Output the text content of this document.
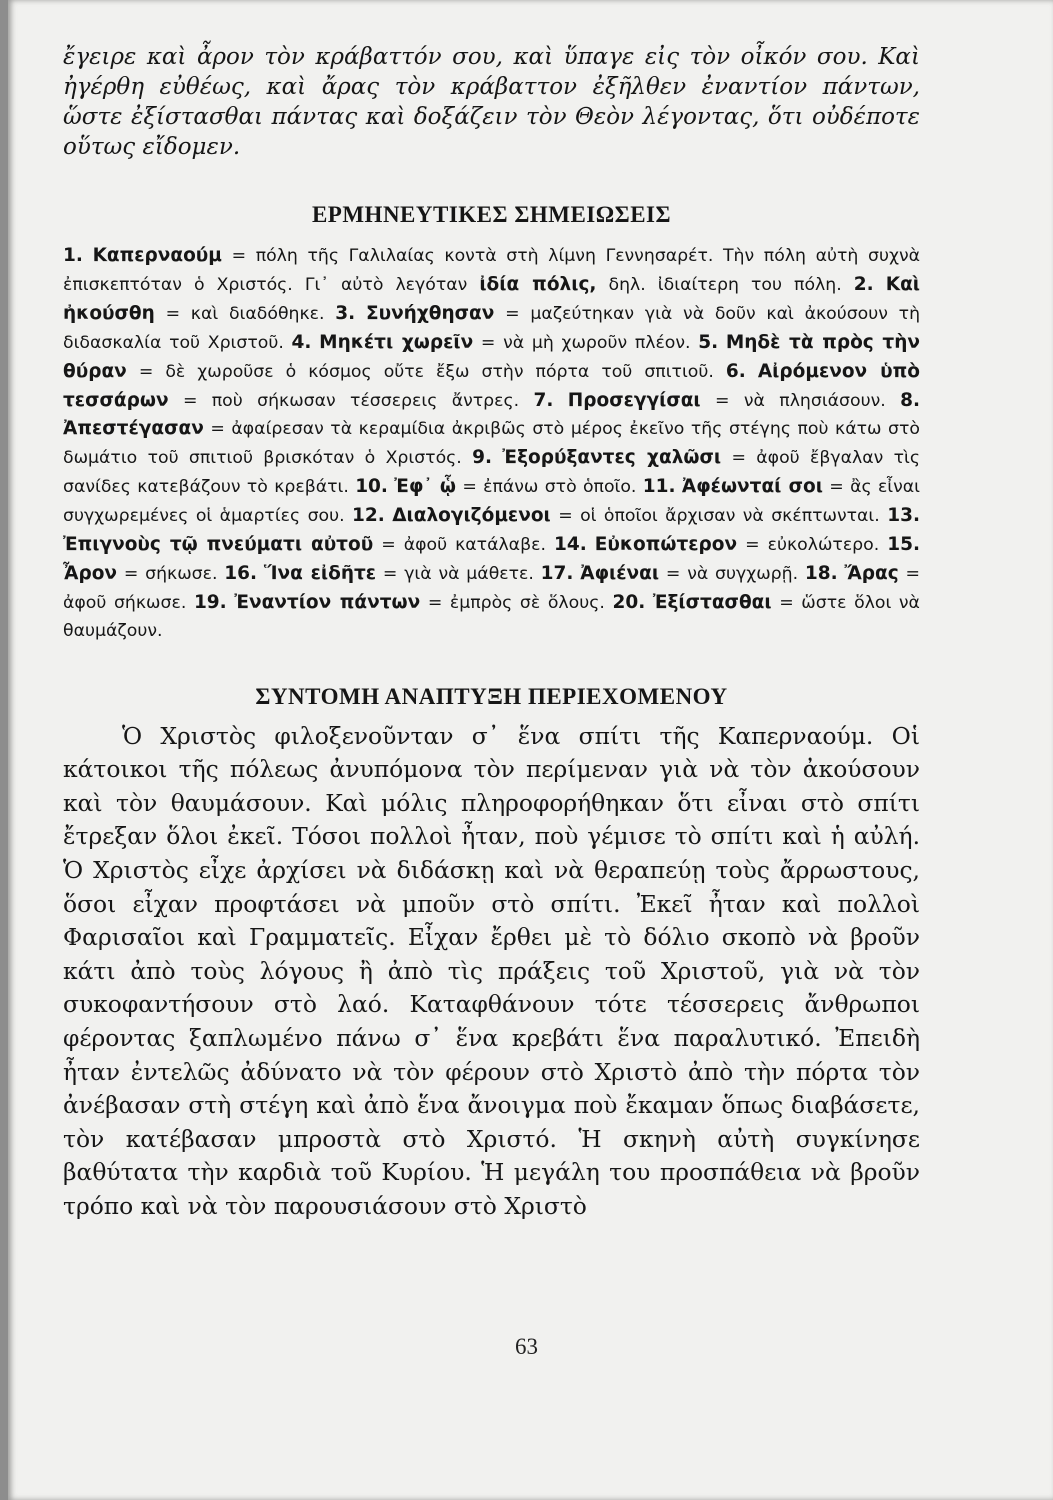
ἔγειρε καὶ ἆρον τὸν κράβαττόν σου, καὶ ὕπαγε εἰς τὸν οἶκόν σου. Καὶ ἠγέρθη εὐθέως, καὶ ἄρας τὸν κράβαττον ἐξῆλθεν ἐναντίον πάντων, ὥστε ἐξίστασθαι πάντας καὶ δοξάζειν τὸν Θεὸν λέγοντας, ὅτι οὐδέποτε οὕτως εἴδομεν.

ΕΡΜΗΝΕΥΤΙΚΕΣ ΣΗΜΕΙΩΣΕΙΣ

1. Καπερναούμ = πόλη τῆς Γαλιλαίας κοντὰ στὴ λίμνη Γεννησαρέτ. Τὴν πόλη αὐτὴ συχνὰ ἐπισκεπτόταν ὁ Χριστός. Γι᾽ αὐτὸ λεγόταν ἰδία πόλις, δηλ. ἰδιαίτερη του πόλη. 2. Καὶ ἠκούσθη = καὶ διαδόθηκε. 3. Συνήχθησαν = μαζεύτηκαν γιὰ νὰ δοῦν καὶ ἀκούσουν τὴ διδασκαλία τοῦ Χριστοῦ. 4. Μηκέτι χωρεῖν = νὰ μὴ χωροῦν πλέον. 5. Μηδὲ τὰ πρὸς τὴν θύραν = δὲ χωροῦσε ὁ κόσμος οὔτε ἔξω στὴν πόρτα τοῦ σπιτιοῦ. 6. Αἰρόμενον ὑπὸ τεσσάρων = ποὺ σήκωσαν τέσσερεις ἄντρες. 7. Προσεγγίσαι = νὰ πλησιάσουν. 8. Ἀπεστέγασαν = ἀφαίρεσαν τὰ κεραμίδια ἀκριβῶς στὸ μέρος ἐκεῖνο τῆς στέγης ποὺ κάτω στὸ δωμάτιο τοῦ σπιτιοῦ βρισκόταν ὁ Χριστός. 9. Ἐξορύξαντες χαλῶσι = ἀφοῦ ἔβγαλαν τὶς σανίδες κατεβάζουν τὸ κρεβάτι. 10. Ἐφ᾽ ᾧ = ἐπάνω στὸ ὁποῖο. 11. Ἀφέωνταί σοι = ἂς εἶναι συγχωρεμένες οἱ ἁμαρτίες σου. 12. Διαλογιζόμενοι = οἱ ὁποῖοι ἄρχισαν νὰ σκέπτωνται. 13. Ἐπιγνοὺς τῷ πνεύματι αὐτοῦ = ἀφοῦ κατάλαβε. 14. Εὐκοπώτερον = εὐκολώτερο. 15. Ἆρον = σήκωσε. 16. Ἵνα εἰδῆτε = γιὰ νὰ μάθετε. 17. Ἀφιέναι = νὰ συγχωρῇ. 18. Ἄρας = ἀφοῦ σήκωσε. 19. Ἐναντίον πάντων = ἐμπρὸς σὲ ὅλους. 20. Ἐξίστασθαι = ὥστε ὅλοι νὰ θαυμάζουν.

ΣΥΝΤΟΜΗ ΑΝΑΠΤΥΞΗ ΠΕΡΙΕΧΟΜΕΝΟΥ

Ὁ Χριστὸς φιλοξενοῦνταν σ᾽ ἕνα σπίτι τῆς Καπερναούμ. Οἱ κάτοικοι τῆς πόλεως ἀνυπόμονα τὸν περίμεναν γιὰ νὰ τὸν ἀκούσουν καὶ τὸν θαυμάσουν. Καὶ μόλις πληροφορήθηκαν ὅτι εἶναι στὸ σπίτι ἔτρεξαν ὅλοι ἐκεῖ. Τόσοι πολλοὶ ἦταν, ποὺ γέμισε τὸ σπίτι καὶ ἡ αὐλή. Ὁ Χριστὸς εἶχε ἀρχίσει νὰ διδάσκῃ καὶ νὰ θεραπεύῃ τοὺς ἄρρωστους, ὅσοι εἶχαν προφτάσει νὰ μποῦν στὸ σπίτι. Ἐκεῖ ἦταν καὶ πολλοὶ Φαρισαῖοι καὶ Γραμματεῖς. Εἶχαν ἔρθει μὲ τὸ δόλιο σκοπὸ νὰ βροῦν κάτι ἀπὸ τοὺς λόγους ἢ ἀπὸ τὶς πράξεις τοῦ Χριστοῦ, γιὰ νὰ τὸν συκοφαντήσουν στὸ λαό. Καταφθάνουν τότε τέσσερεις ἄνθρωποι φέροντας ξαπλωμένο πάνω σ᾽ ἕνα κρεβάτι ἕνα παραλυτικό. Ἐπειδὴ ἦταν ἐντελῶς ἀδύνατο νὰ τὸν φέρουν στὸ Χριστὸ ἀπὸ τὴν πόρτα τὸν ἀνέβασαν στὴ στέγη καὶ ἀπὸ ἕνα ἄνοιγμα ποὺ ἔκαμαν ὅπως διαβάσετε, τὸν κατέβασαν μπροστὰ στὸ Χριστό. Ἡ σκηνὴ αὐτὴ συγκίνησε βαθύτατα τὴν καρδιὰ τοῦ Κυρίου. Ἡ μεγάλη του προσπάθεια νὰ βροῦν τρόπο καὶ νὰ τὸν παρουσιάσουν στὸ Χριστὸ

63
